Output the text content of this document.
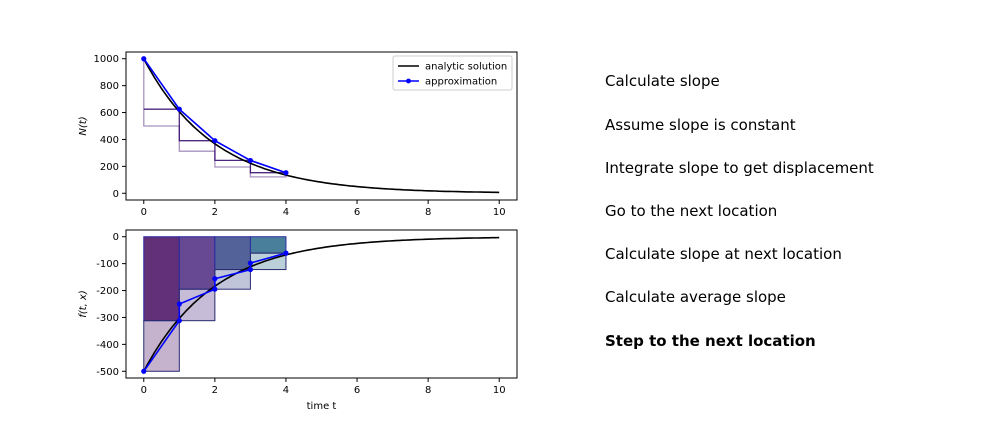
0	2	4	6	8	10
0
200
400
600
800
1000
N(t)
analytic solution
approximation
0	2	4	6	8	10
0
-100
-200
-300
-400
-500
f(t, x)
time t
Calculate slope
Assume slope is constant
Integrate slope to get displacement
Go to the next location
Calculate slope at next location
Calculate average slope
Step to the next location
